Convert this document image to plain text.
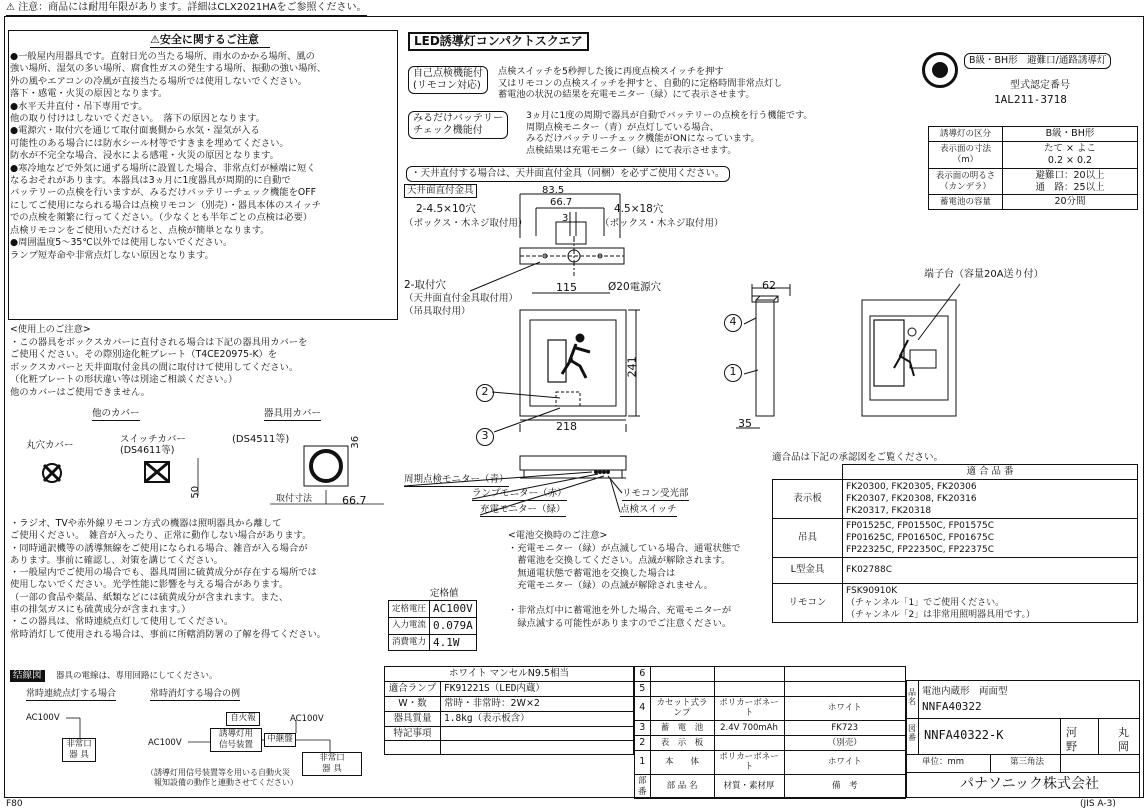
⚠ 注意：商品には耐用年限があります。詳細はCLX2021HAをご参照ください。
⚠安全に関するご注意
●一般屋内用器具です。直射日光の当たる場所、雨水のかかる場所、風の
強い場所、湿気の多い場所、腐食性ガスの発生する場所、振動の強い場所、
外の風やエアコンの冷風が直接当たる場所では使用しないでください。
落下・感電・火災の原因となります。
●水平天井直付・吊下専用です。
他の取り付けはしないでください。　落下の原因となります。
●電源穴・取付穴を通じて取付面裏側から水気・湿気が入る
可能性のある場合には防水シール材等ですきまを埋めてください。
防水が不完全な場合、浸水による感電・火災の原因となります。
●寒冷地などで外気に通ずる場所に設置した場合、非常点灯が極端に短く
なるおそれがあります。本器具は3ヵ月に1度器具が周期的に自動で
バッテリーの点検を行いますが、みるだけバッテリーチェック機能をOFF
にしてご使用になられる場合は点検リモコン（別売）・器具本体のスイッチ
での点検を頻繁に行ってください。（少なくとも半年ごとの点検は必要）
点検リモコンをご使用いただけると、点検が簡単となります。
●周囲温度5～35℃以外では使用しないでください。
ランプ短寿命や非常点灯しない原因となります。
<使用上のご注意>
・この器具をボックスカバーに直付される場合は下記の器具用カバーを
ご使用ください。その際別途化粧プレート（T4CE20975-K）を
ボックスカバーと天井面取付金具の間に取付けて使用してください。
（化粧プレートの形状違い等は別途ご相談ください。）
他のカバーはご使用できません。
他のカバー	器具用カバー
丸穴カバー
スイッチカバー
(DS4611等)
(DS4511等)	36
50
取付寸法	66.7
・ラジオ、TVや赤外線リモコン方式の機器は照明器具から離して
ご使用ください。　雑音が入ったり、正常に動作しない場合があります。
・同時通訳機等の誘導無線をご使用になられる場合、雑音が入る場合が
あります。事前に確認し、対策を講じてください。
・一般屋内でご使用の場合でも、器具周囲に硫黄成分が存在する場所では
使用しないでください。光学性能に影響を与える場合があります。
（一部の食品や薬品、紙類などには硫黄成分が含まれます。また、
車の排気ガスにも硫黄成分が含まれます。）
・この器具は、常時連続点灯して使用してください。
常時消灯して使用される場合は、事前に所轄消防署の了解を得てください。
结線図	器具の電線は、専用回路にしてください。
常時連続点灯する場合	常時消灯する場合の例
AC100V
AC100V
AC100V
非常口
器 具
自火報
誘導灯用
信号装置
中継盤
非常口
器 具
（誘導灯用信号装置等を用いる自動火災
　報知設備の動作と連動させてください）
LED誘導灯コンパクトスクエア
自己点検機能付
(リモコン対応)
点検スイッチを5秒押した後に再度点検スイッチを押す
又はリモコンの点検スイッチを押すと、自動的に定格時間非常点灯し
蓄電池の状況の結果を充電モニター（緑）にて表示させます。
みるだけバッテリー
チェック機能付
3ヵ月に1度の周期で器具が自動でバッテリーの点検を行う機能です。
周期点検モニター（青）が点灯している場合、
みるだけバッテリーチェック機能がONになっています。
点検結果は充電モニター（緑）にて表示させます。
・天井直付する場合は、天井面直付金具（同梱）を必ずご使用ください。
B級・BH形　避難口/通路誘導灯
型式認定番号
1AL211-3718
誘導灯の区分	B級・BH形
表示面の寸法（m）	たて × よこ
0.2 × 0.2
表示面の明るさ
（カンデラ）	避難口：20以上
通　路：25以上
蓄電池の容量	20分間
天井面直付金具	83.5
66.7
3
2-4.5×10穴
（ボックス・木ネジ取付用）
4.5×18穴
（ボックス・木ネジ取付用）
2-取付穴
（天井面直付金具取付用）
（吊具取付用）
115	Ø20電源穴
241
218
62
35
端子台（容量20A送り付）
2
3
4
1
周期点検モニター（青）
ランプモニター（赤）
充電モニター（緑）
リモコン受光部
点検スイッチ
<電池交換時のご注意>
・充電モニター（緑）が点滅している場合、通電状態で
　蓄電池を交換してください。点滅が解除されます。
　無通電状態で蓄電池を交換した場合は
　充電モニター（緑）の点滅が解除されません。

・非常点灯中に蓄電池を外した場合、充電モニターが
　緑点滅する可能性がありますのでご注意ください。
定格値
定格電圧	AC100V
入力電流	0.079A
消費電力	4.1W
適合品は下記の承認図をご覧ください。
	適 合 品 番
表示板	FK20300, FK20305, FK20306
FK20307, FK20308, FK20316
FK20317, FK20318
吊具	FP01525C, FP01550C, FP01575C
FP01625C, FP01650C, FP01675C
FP22325C, FP22350C, FP22375C
L型金具	FK02788C
リモコン	FSK90910K
（チャンネル「1」でご使用ください。
（チャンネル「2」は非常用照明器具用です。）
ホワイト マンセルN9.5相当	
適合ランプ	FK91221S（LED内蔵）
W・数	常時・非常時：2W×2
器具質量	1.8kg（表示板含）
特記事項	

6			
5			
4	カセット式ランプ	ポリカーボネート	ホワイト
3	蓄　電　池	2.4V 700mAh	FK723
2	表　示　板		（別売）
1	本　　体	ポリカーボネート	ホワイト
部番	部 品 名	材質・素材厚	備　考
品名
電池内蔵形　両面型
NNFA40322
図番 NNFA40322-K	河	丸
野	岡
単位：mm	第三角法
パナソニック株式会社
F80	(JIS A-3)
